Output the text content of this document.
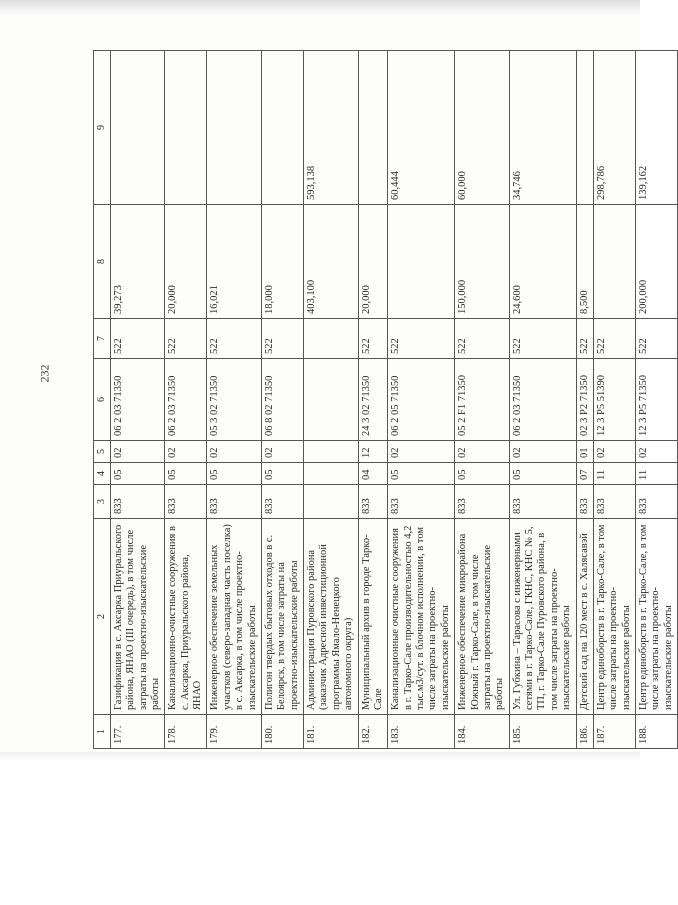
232
1	2	3	4	5	6	7	8	9
177.	Газификация в с. Аксарка Приуральского района, ЯНАО (III очередь), в том числе затраты на проектно-изыскательские работы	833	05	02	06 2 03 71350	522	39,273	
178.	Канализационно-очистные сооружения в с. Аксарка, Приуральского района, ЯНАО	833	05	02	06 2 03 71350	522	20,000	
179.	Инженерное обеспечение земельных участков (северо-западная часть поселка) в с. Аксарка, в том числе проектно-изыскательские работы	833	05	02	05 3 02 71350	522	16,021	
180.	Полигон твердых бытовых отходов в с. Белоярск, в том числе затраты на проектно-изыскательские работы	833	05	02	06 8 02 71350	522	18,000	
181.	Администрация Пуровского района (заказчик Адресной инвестиционной программы Ямало-Ненецкого автономного округа)						403,100	593,138
182.	Муниципальный архив в городе Тарко-Сале	833	04	12	24 3 02 71350	522	20,000	
183.	Канализационные очистные сооружения в г. Тарко-Сале производительностью 4,2 тыс.м3/сут. в блочном исполнении, в том числе затраты на проектно-изыскательские работы	833	05	02	06 2 05 71350	522		60,444
184.	Инженерное обеспечение микрорайона Южный г. Тарко-Сале, в том числе затраты на проектно-изыскательские работы	833	05	02	05 2 F1 71350	522	150,000	60,000
185.	Ул. Губкина – Тарасова с инженерными сетями в г. Тарко-Сале, ГКНС, КНС № 5, ТП, г. Тарко-Сале Пуровского района, в том числе затраты на проектно-изыскательские работы	833	05	02	06 2 03 71350	522	24,600	34,746
186.	Детский сад на 120 мест в с. Халясавэй	833	07	01	02 3 P2 71350	522	8,500	
187.	Центр единоборств в г. Тарко-Сале, в том числе затраты на проектно-изыскательские работы	833	11	02	12 3 P5 51390	522		298,786
188.	Центр единоборств в г. Тарко-Сале, в том числе затраты на проектно-изыскательские работы	833	11	02	12 3 P5 71350	522	200,000	139,162
